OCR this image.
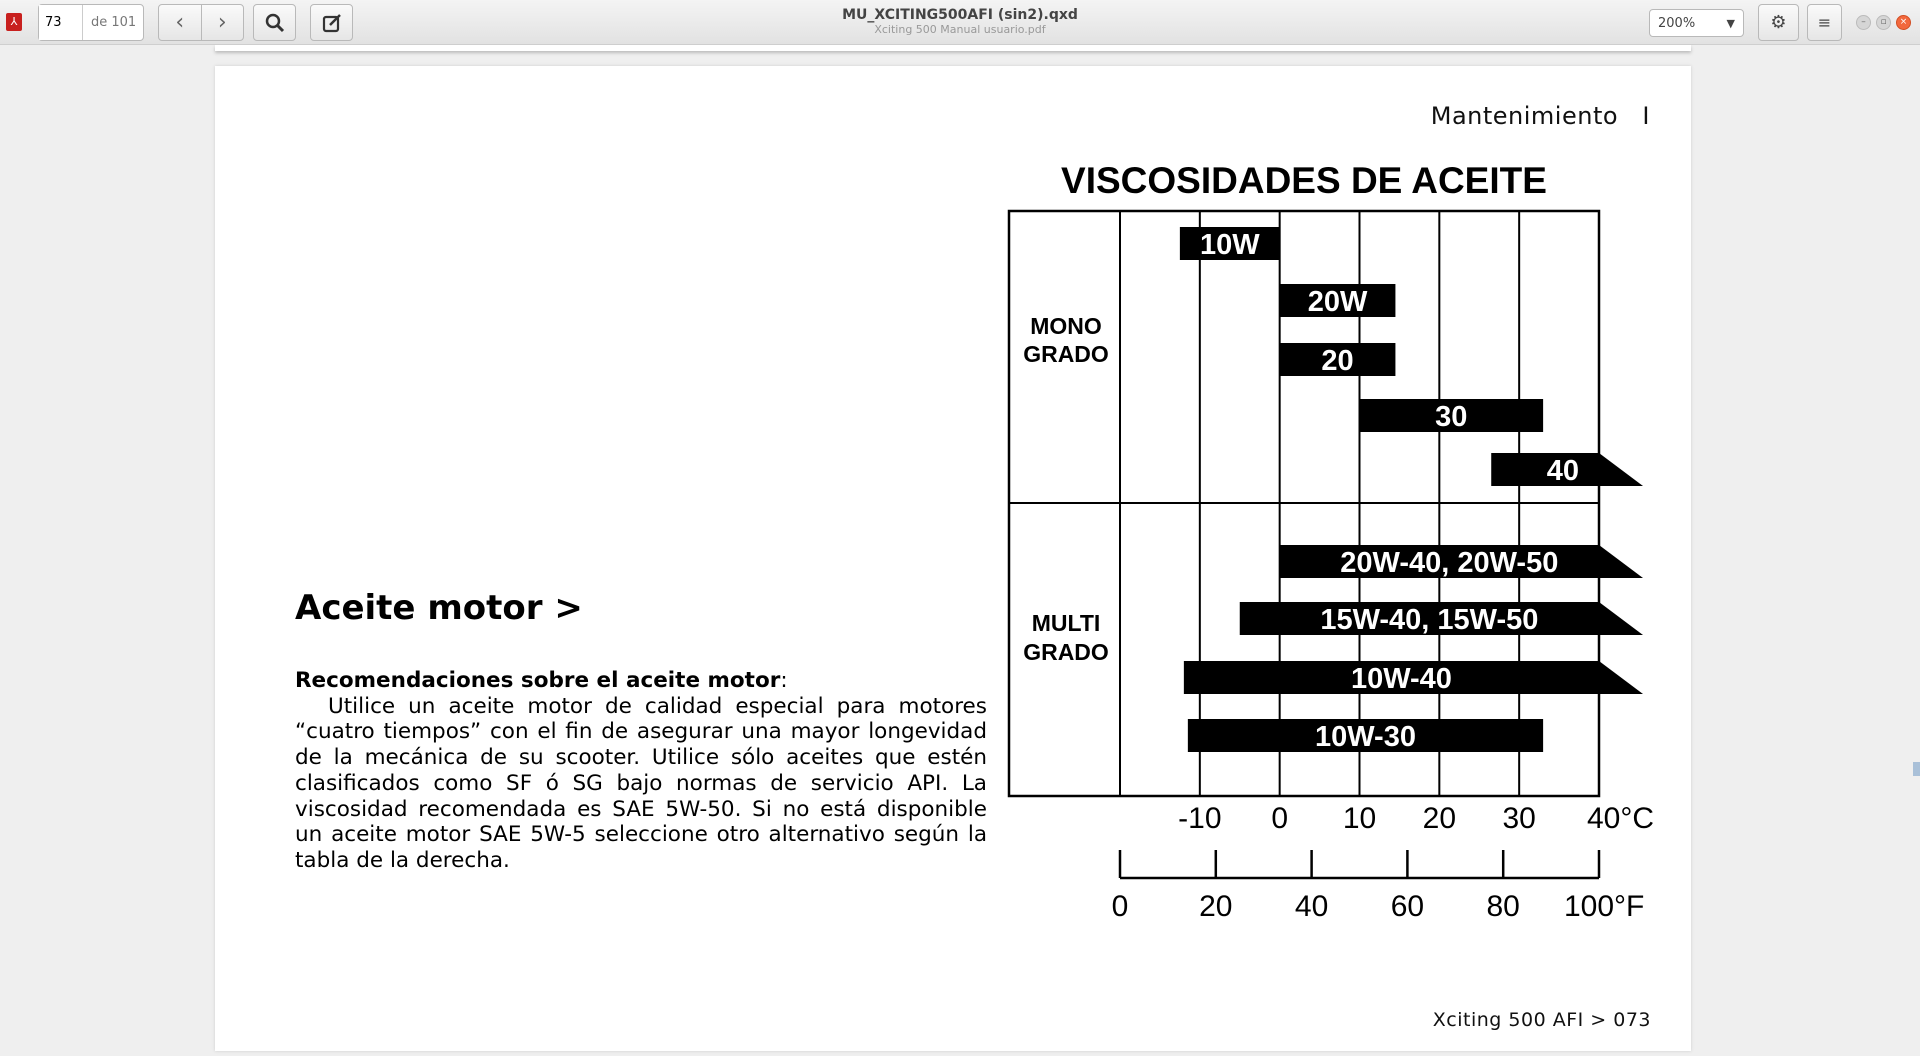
⅄
73	de 101	‹	›	MU_XCITING500AFI (sin2).qxd
Xciting 500 Manual usuario.pdf	200%	▼ ⚙ ≡	–	▫	×
Mantenimiento I
Aceite motor >
Recomendaciones sobre el aceite motor:
Utilice un aceite motor de calidad especial para motores “cuatro tiempos” con el fin de asegurar una mayor longevidad de la mecánica de su scooter. Utilice sólo aceites que estén clasificados como SF ó SG bajo normas de servicio API. La viscosidad recomendada es SAE 5W-50. Si no está disponible un aceite motor SAE 5W-5 seleccione otro alternativo según la tabla de la derecha.
Xciting 500 AFI > 073
VISCOSIDADES DE ACEITE
MONO
GRADO
MULTI
GRADO
10W
20W
20
30
40
20W-40, 20W-50
15W-40, 15W-50
10W-40
10W-30
-10 0 10 20 30 40°C
0 20 40 60 80 100°F
